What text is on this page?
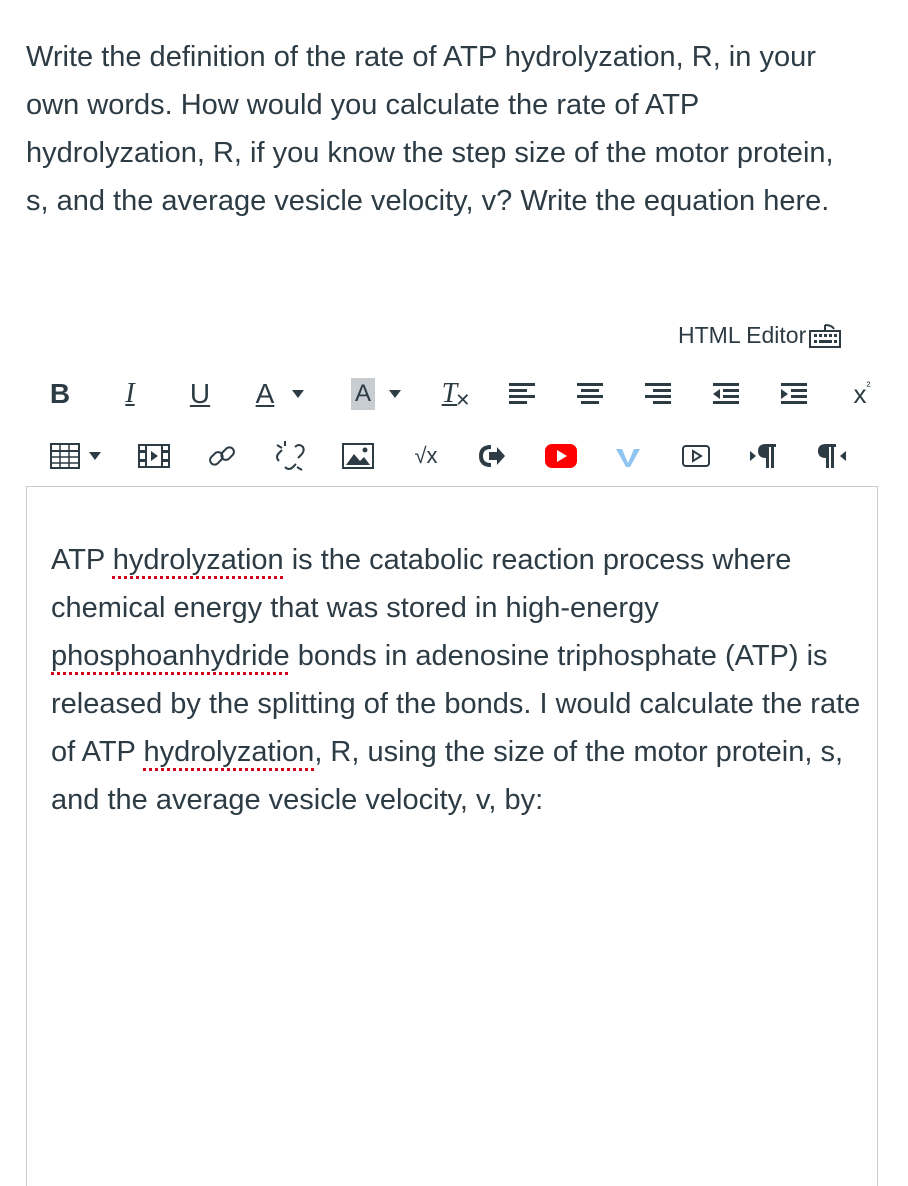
Write the definition of the rate of ATP hydrolyzation, R, in your own words. How would you calculate the rate of ATP hydrolyzation, R, if you know the step size of the motor protein, s, and the average vesicle velocity, v? Write the equation here.
HTML Editor
B I U A	A	T
✕	x ²
√x
ATP hydrolyzation is the catabolic reaction process where chemical energy that was stored in high-energy phosphoanhydride bonds in adenosine triphosphate (ATP) is released by the splitting of the bonds. I would calculate the rate of ATP hydrolyzation, R, using the size of the motor protein, s, and the average vesicle velocity, v, by:
